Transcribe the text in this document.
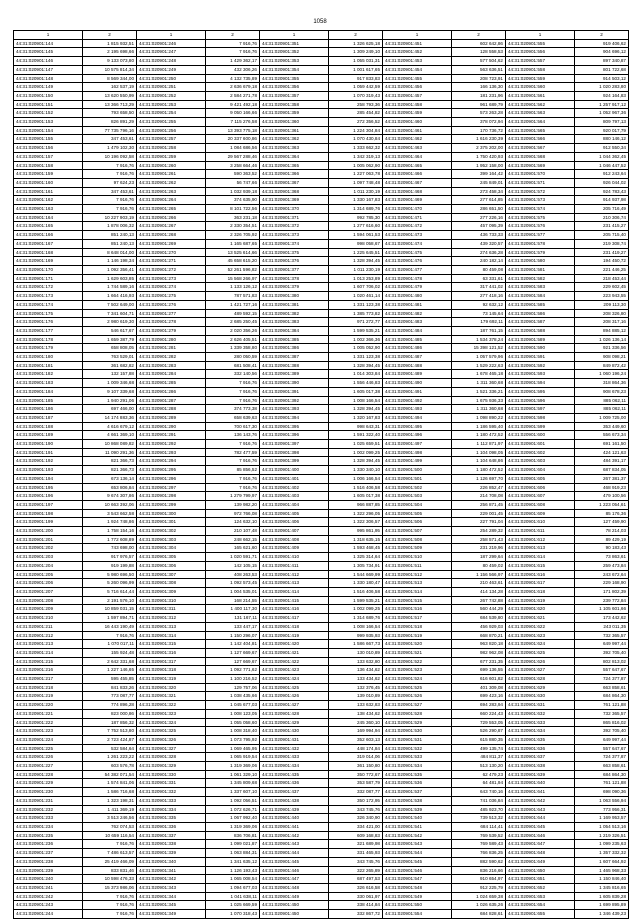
1058
1	2	1	2	1	2	1	2	1	2
44:31:020901:144	1 815 932,51	44:31:020901:246	7 916,76	44:31:020901:351	1 326 625,18	44:31:020901:451	602 642,86	44:31:020901:555	919 406,62
44:31:020901:145	2 195 698,66	44:31:020901:247	7 916,76	44:31:020901:352	1 309 249,10	44:31:020901:452	128 558,53	44:31:020901:556	904 696,12
44:31:020901:146	9 133 073,80	44:31:020901:248	1 429 362,17	44:31:020901:353	1 055 031,31	44:31:020901:453	577 504,62	44:31:020901:557	897 340,87
44:31:020901:147	10 575 814,34	44:31:020901:249	432 306,26	44:31:020901:354	1 001 617,65	44:31:020901:454	563 636,51	44:31:020901:558	801 722,68
44:31:020901:148	8 569 344,00	44:31:020901:250	4 132 735,89	44:31:020901:355	917 833,83	44:31:020901:455	208 723,91	44:31:020901:559	914 503,12
44:31:020901:149	162 537,19	44:31:020901:251	2 636 679,18	44:31:020901:356	1 059 442,59	44:31:020901:456	166 136,30	44:31:020901:560	1 020 283,80
44:31:020901:150	13 620 550,99	44:31:020901:252	2 584 271,78	44:31:020901:357	1 070 319,43	44:31:020901:457	181 231,96	44:31:020901:561	924 164,83
44:31:020901:151	13 366 713,29	44:31:020901:253	9 421 492,18	44:31:020901:358	258 793,36	44:31:020901:458	961 689,79	44:31:020901:562	1 257 917,12
44:31:020901:152	793 658,50	44:31:020901:254	9 050 166,66	44:31:020901:359	285 454,82	44:31:020901:459	573 263,28	44:31:020901:563	1 052 967,36
44:31:020901:153	826 891,29	44:31:020901:255	7 115 276,58	44:31:020901:360	272 356,52	44:31:020901:460	378 072,94	44:31:020901:564	809 797,13
44:31:020901:154	77 735 796,16	44:31:020901:256	13 393 775,18	44:31:020901:361	1 224 304,84	44:31:020901:461	170 736,72	44:31:020901:565	920 017,79
44:31:020901:155	347 453,61	44:31:020901:257	20 337 600,86	44:31:020901:362	1 070 430,84	44:31:020901:462	1 616 230,39	44:31:020901:566	880 146,12
44:31:020901:156	1 479 102,30	44:31:020901:258	1 084 686,56	44:31:020901:363	1 333 662,32	44:31:020901:463	2 375 202,00	44:31:020901:567	912 550,34
44:31:020901:157	10 196 092,58	44:31:020901:259	29 567 288,46	44:31:020901:364	1 342 319,13	44:31:020901:464	1 750 420,93	44:31:020901:568	1 044 362,45
44:31:020901:158	7 916,76	44:31:020901:260	3 258 664,46	44:31:020901:365	1 005 062,90	44:31:020901:465	1 952 158,00	44:31:020901:569	1 046 447,52
44:31:020901:159	7 916,76	44:31:020901:261	590 363,52	44:31:020901:366	1 227 063,78	44:31:020901:466	399 164,42	44:31:020901:570	912 243,64
44:31:020901:160	97 624,23	44:31:020901:262	56 747,66	44:31:020901:367	1 097 748,48	44:31:020901:467	245 849,01	44:31:020901:571	926 044,02
44:31:020901:161	347 453,61	44:31:020901:263	1 032 939,18	44:31:020901:368	1 011 230,19	44:31:020901:468	273 458,34	44:31:020901:572	924 783,43
44:31:020901:162	7 916,76	44:31:020901:264	374 635,90	44:31:020901:369	1 330 167,83	44:31:020901:469	277 614,85	44:31:020901:573	914 937,98
44:31:020901:163	7 916,76	44:31:020901:265	8 101 722,56	44:31:020901:370	1 314 689,76	44:31:020901:470	286 651,50	44:31:020901:574	205 716,49
44:31:020901:164	10 227 903,19	44:31:020901:266	363 231,18	44:31:020901:371	992 785,30	44:31:020901:471	277 226,16	44:31:020901:575	210 306,74
44:31:020901:165	1 878 006,32	44:31:020901:267	2 330 354,51	44:31:020901:372	1 277 616,60	44:31:020901:472	457 095,39	44:31:020901:576	231 415,27
44:31:020901:166	851 240,13	44:31:020901:268	2 326 705,92	44:31:020901:373	1 594 061,53	44:31:020901:473	436 733,33	44:31:020901:577	205 715,40
44:31:020901:167	851 240,13	44:31:020901:269	1 165 687,65	44:31:020901:374	998 058,67	44:31:020901:474	439 320,57	44:31:020901:578	219 308,74
44:31:020901:168	8 648 014,00	44:31:020901:270	13 525 614,66	44:31:020901:375	1 225 645,51	44:31:020901:475	274 636,28	44:31:020901:579	231 419,27
44:31:020901:169	1 146 198,34	44:31:020901:271	45 658 615,20	44:31:020901:376	1 328 394,45	44:31:020901:476	240 182,14	44:31:020901:580	194 450,72
44:31:020901:170	1 092 356,41	44:31:020901:272	52 261 596,82	44:31:020901:377	1 011 230,19	44:31:020901:477	80 459,08	44:31:020901:581	221 446,25
44:31:020901:171	1 629 603,85	44:31:020901:273	15 568 266,97	44:31:020901:378	1 013 253,89	44:31:020901:478	63 331,61	44:31:020901:582	218 453,44
44:31:020901:172	1 744 589,16	44:31:020901:274	1 133 126,12	44:31:020901:379	1 607 706,02	44:31:020901:479	317 441,02	44:31:020901:583	229 602,45
44:31:020901:173	1 664 416,93	44:31:020901:275	787 571,83	44:31:020901:380	1 020 461,14	44:31:020901:480	277 418,16	44:31:020901:584	223 943,55
44:31:020901:174	7 502 649,00	44:31:020901:276	1 421 727,16	44:31:020901:381	1 331 123,38	44:31:020901:481	92 632,12	44:31:020901:585	209 113,30
44:31:020901:175	7 341 604,71	44:31:020901:277	489 592,15	44:31:020901:382	1 385 773,82	44:31:020901:482	73 145,64	44:31:020901:586	208 326,80
44:31:020901:176	2 980 619,30	44:31:020901:278	2 685 250,45	44:31:020901:383	971 272,77	44:31:020901:483	179 692,11	44:31:020901:587	208 317,16
44:31:020901:177	546 617,67	44:31:020901:279	2 020 356,26	44:31:020901:384	1 599 535,21	44:31:020901:484	187 761,15	44:31:020901:588	894 885,12
44:31:020901:178	1 659 387,79	44:31:020901:280	2 626 405,51	44:31:020901:385	1 002 366,36	44:31:020901:485	1 534 378,24	44:31:020901:589	1 026 136,14
44:31:020901:179	658 808,05	44:31:020901:281	1 339 358,80	44:31:020901:386	1 005 052,90	44:31:020901:486	15 398 121,52	44:31:020901:590	921 336,56
44:31:020901:180	763 529,01	44:31:020901:282	280 050,59	44:31:020901:387	1 331 123,38	44:31:020901:487	1 057 579,96	44:31:020901:591	908 098,21
44:31:020901:181	361 682,82	44:31:020901:283	681 508,41	44:31:020901:388	1 328 394,45	44:31:020901:488	1 529 222,63	44:31:020901:592	849 872,42
44:31:020901:182	132 157,88	44:31:020901:284	332 140,56	44:31:020901:389	1 014 303,84	44:31:020901:489	1 678 465,18	44:31:020901:593	1 060 196,24
44:31:020901:183	1 009 346,68	44:31:020901:285	7 916,76	44:31:020901:390	1 556 446,83	44:31:020901:490	1 311 360,68	44:31:020901:594	318 864,36
44:31:020901:184	9 107 339,68	44:31:020901:286	7 916,76	44:31:020901:391	1 605 017,38	44:31:020901:491	1 521 336,21	44:31:020901:595	908 678,23
44:31:020901:185	1 940 291,06	44:31:020901:287	7 916,76	44:31:020901:392	1 008 166,54	44:31:020901:492	1 675 936,33	44:31:020901:596	885 062,11
44:31:020901:186	697 466,00	44:31:020901:288	374 773,38	44:31:020901:393	1 328 394,45	44:31:020901:493	1 311 360,68	44:31:020901:597	885 062,11
44:31:020901:187	14 174 883,36	44:31:020901:289	658 639,63	44:31:020901:394	1 320 167,83	44:31:020901:494	1 098 890,22	44:31:020901:598	1 009 725,00
44:31:020901:188	4 616 679,12	44:31:020901:290	700 617,30	44:31:020901:395	998 643,31	44:31:020901:495	1 186 595,40	44:31:020901:599	353 449,60
44:31:020901:189	4 661 369,10	44:31:020901:291	136 143,76	44:31:020901:396	1 591 322,40	44:31:020901:496	1 180 472,52	44:31:020901:600	556 673,34
44:31:020901:190	10 868 089,82	44:31:020901:292	7 916,76	44:31:020901:397	1 025 659,51	44:31:020901:497	1 112 871,97	44:31:020901:601	691 161,50
44:31:020901:191	11 090 291,36	44:31:020901:293	782 477,59	44:31:020901:398	1 002 099,25	44:31:020901:498	1 104 098,05	44:31:020901:602	424 121,63
44:31:020901:192	821 366,73	44:31:020901:294	7 916,76	44:31:020901:399	1 328 394,45	44:31:020901:499	1 104 648,86	44:31:020901:603	484 391,17
44:31:020901:193	821 366,73	44:31:020901:295	85 856,52	44:31:020901:400	1 330 340,10	44:31:020901:500	1 180 472,52	44:31:020901:604	687 834,05
44:31:020901:194	673 136,14	44:31:020901:296	7 916,76	44:31:020901:401	1 006 166,54	44:31:020901:501	1 126 697,70	44:31:020901:605	267 381,37
44:31:020901:195	653 806,84	44:31:020901:297	7 916,76	44:31:020901:402	1 516 406,58	44:31:020901:502	226 852,47	44:31:020901:606	468 919,23
44:31:020901:196	9 674 307,86	44:31:020901:298	1 279 799,97	44:31:020901:403	1 605 017,38	44:31:020901:503	214 708,08	44:31:020901:607	479 100,56
44:31:020901:197	10 663 392,06	44:31:020901:299	139 982,20	44:31:020901:404	966 887,85	44:31:020901:504	256 871,45	44:31:020901:608	1 223 054,61
44:31:020901:198	3 543 662,58	44:31:020901:300	972 766,08	44:31:020901:405	1 322 296,05	44:31:020901:505	229 001,45	44:31:020901:609	85 176,36
44:31:020901:199	1 924 748,86	44:31:020901:301	124 632,10	44:31:020901:406	1 322 306,57	44:31:020901:506	227 791,04	44:31:020901:610	127 459,90
44:31:020901:200	1 758 154,16	44:31:020901:302	210 107,48	44:31:020901:407	995 861,95	44:31:020901:507	254 289,32	44:31:020901:611	78 214,03
44:31:020901:201	1 772 608,89	44:31:020901:303	248 662,15	44:31:020901:408	1 318 635,15	44:31:020901:508	258 571,43	44:31:020901:612	89 429,19
44:31:020901:202	743 698,00	44:31:020901:304	165 621,60	44:31:020901:409	1 593 468,45	44:31:020901:509	231 219,96	44:31:020901:613	90 183,43
44:31:020901:203	917 976,57	44:31:020901:305	1 020 591,71	44:31:020901:410	1 325 314,64	44:31:020901:510	187 299,64	44:31:020901:614	73 863,61
44:31:020901:204	919 199,88	44:31:020901:306	142 105,15	44:31:020901:411	1 305 734,91	44:31:020901:511	80 459,02	44:31:020901:615	259 473,84
44:31:020901:205	5 980 696,50	44:31:020901:307	408 263,53	44:31:020901:412	1 544 669,99	44:31:020901:512	1 156 566,97	44:31:020901:616	243 672,64
44:31:020901:206	5 260 096,99	44:31:020901:308	1 092 573,45	44:31:020901:413	1 330 180,47	44:31:020901:513	210 463,61	44:31:020901:617	229 168,90
44:31:020901:207	5 716 614,44	44:31:020901:309	1 004 535,01	44:31:020901:414	1 516 406,58	44:31:020901:514	414 134,28	44:31:020901:618	171 802,39
44:31:020901:208	2 191 576,10	44:31:020901:310	168 214,55	44:31:020901:415	1 599 535,21	44:31:020901:515	267 742,88	44:31:020901:619	239 772,84
44:31:020901:209	10 859 031,15	44:31:020901:311	1 400 117,30	44:31:020901:416	1 002 099,25	44:31:020901:516	560 444,29	44:31:020901:620	1 105 601,66
44:31:020901:210	1 597 894,71	44:31:020901:312	131 167,11	44:31:020901:417	1 314 689,76	44:31:020901:517	684 539,80	44:31:020901:621	173 442,62
44:31:020901:211	16 443 190,49	44:31:020901:313	133 447,17	44:31:020901:418	1 008 166,54	44:31:020901:518	456 929,03	44:31:020901:622	243 011,35
44:31:020901:212	7 916,76	44:31:020901:314	1 150 296,07	44:31:020901:419	999 935,93	44:31:020901:519	668 870,21	44:31:020901:623	732 365,57
44:31:020901:213	1 070 017,11	44:31:020901:315	1 142 404,81	44:31:020901:420	1 586 667,73	44:31:020901:520	963 820,18	44:31:020901:624	649 997,44
44:31:020901:214	155 924,48	44:31:020901:316	1 127 669,67	44:31:020901:421	130 010,89	44:31:020901:521	982 962,08	44:31:020901:625	392 705,40
44:31:020901:215	2 642 331,68	44:31:020901:317	127 669,67	44:31:020901:422	133 632,80	44:31:020901:522	677 231,35	44:31:020901:626	802 813,02
44:31:020901:216	1 227 146,65	44:31:020901:318	1 092 771,62	44:31:020901:423	136 434,62	44:31:020901:523	699 136,55	44:31:020901:627	557 647,67
44:31:020901:217	595 455,85	44:31:020901:319	1 100 216,52	44:31:020901:424	133 434,62	44:31:020901:524	616 601,82	44:31:020901:628	724 377,87
44:31:020901:218	841 833,26	44:31:020901:320	129 757,06	44:31:020901:425	132 376,45	44:31:020901:525	401 309,08	44:31:020901:629	663 858,61
44:31:020901:219	773 087,77	44:31:020901:321	1 038 435,66	44:31:020901:426	139 010,89	44:31:020901:526	699 423,16	44:31:020901:630	684 864,30
44:31:020901:220	774 896,28	44:31:020901:322	1 045 677,03	44:31:020901:427	133 632,83	44:31:020901:527	694 283,94	44:31:020901:631	761 121,88
44:31:020901:221	823 000,86	44:31:020901:323	1 008 123,05	44:31:020901:428	138 434,62	44:31:020901:528	660 224,43	44:31:020901:632	732 365,57
44:31:020901:222	187 856,32	44:31:020901:324	1 055 058,60	44:31:020901:429	245 360,10	44:31:020901:529	729 553,05	44:31:020901:633	865 816,02
44:31:020901:223	7 752 513,80	44:31:020901:325	1 008 318,40	44:31:020901:430	169 994,94	44:31:020901:530	526 290,87	44:31:020901:634	392 705,40
44:31:020901:224	2 723 424,87	44:31:020901:326	1 073 795,92	44:31:020901:431	352 603,13	44:31:020901:531	615 880,35	44:31:020901:635	649 997,44
44:31:020901:225	532 584,64	44:31:020901:327	1 069 465,95	44:31:020901:432	448 174,84	44:31:020901:532	499 135,74	44:31:020901:636	557 647,67
44:31:020901:226	1 261 223,22	44:31:020901:328	1 065 919,54	44:31:020901:433	319 014,06	44:31:020901:533	484 811,37	44:31:020901:637	724 377,87
44:31:020901:227	603 576,78	44:31:020901:329	1 319 369,06	44:31:020901:434	361 150,80	44:31:020901:534	513 130,20	44:31:020901:638	663 858,61
44:31:020901:228	54 382 071,54	44:31:020901:330	1 061 329,10	44:31:020901:435	350 772,67	44:31:020901:535	62 479,23	44:31:020901:639	684 864,30
44:31:020901:229	1 574 841,06	44:31:020901:331	1 345 809,68	44:31:020901:436	353 587,79	44:31:020901:536	64 481,94	44:31:020901:640	761 121,88
44:31:020901:230	1 586 716,68	44:31:020901:332	1 337 607,10	44:31:020901:437	332 087,77	44:31:020901:537	643 740,16	44:31:020901:641	698 090,36
44:31:020901:231	1 323 198,31	44:31:020901:333	1 092 056,51	44:31:020901:438	350 172,95	44:31:020901:538	741 036,84	44:31:020901:642	1 063 556,94
44:31:020901:232	1 411 369,19	44:31:020901:334	1 072 626,71	44:31:020901:439	343 745,76	44:31:020901:539	485 923,70	44:31:020901:643	773 956,31
44:31:020901:233	3 513 246,56	44:31:020901:335	1 067 992,40	44:31:020901:440	326 340,90	44:31:020901:540	739 513,32	44:31:020901:644	1 169 953,57
44:31:020901:234	762 074,53	44:31:020901:336	1 319 369,06	44:31:020901:441	334 421,00	44:31:020901:541	684 114,41	44:31:020901:645	1 054 513,16
44:31:020901:235	10 659 116,54	44:31:020901:337	836 706,81	44:31:020901:442	609 168,83	44:31:020901:542	769 539,52	44:31:020901:646	1 219 326,51
44:31:020901:236	7 916,76	44:31:020901:338	1 099 021,87	44:31:020901:443	321 689,98	44:31:020901:543	769 589,43	44:31:020901:647	1 099 235,63
44:31:020901:237	7 486 613,57	44:31:020901:339	1 063 884,31	44:31:020901:444	331 465,93	44:31:020901:544	766 836,25	44:31:020901:648	1 357 332,32
44:31:020901:238	25 419 466,09	44:31:020901:340	1 341 635,12	44:31:020901:445	343 745,76	44:31:020901:545	882 590,62	44:31:020901:649	1 607 664,92
44:31:020901:239	833 831,46	44:31:020901:341	1 126 193,43	44:31:020901:446	322 265,89	44:31:020901:546	836 216,66	44:31:020901:650	1 465 968,33
44:31:020901:240	10 598 476,33	44:31:020901:342	1 065 008,54	44:31:020901:447	687 497,53	44:31:020901:547	910 654,97	44:31:020901:651	1 150 846,40
44:31:020901:241	15 373 986,06	44:31:020901:343	1 094 677,03	44:31:020901:448	326 616,58	44:31:020901:548	912 225,79	44:31:020901:652	1 345 816,65
44:31:020901:242	7 916,76	44:31:020901:344	1 041 638,11	44:31:020901:449	330 061,97	44:31:020901:549	1 024 659,38	44:31:020901:653	1 605 839,28
44:31:020901:243	7 916,76	44:31:020901:345	1 025 669,59	44:31:020901:450	338 414,84	44:31:020901:550	1 026 635,26	44:31:020901:654	1 699 895,89
44:31:020901:244	7 916,76	44:31:020901:349	1 070 318,43	44:31:020901:450	332 867,72	44:31:020901:554	684 828,61	44:31:020901:655	1 346 439,23
